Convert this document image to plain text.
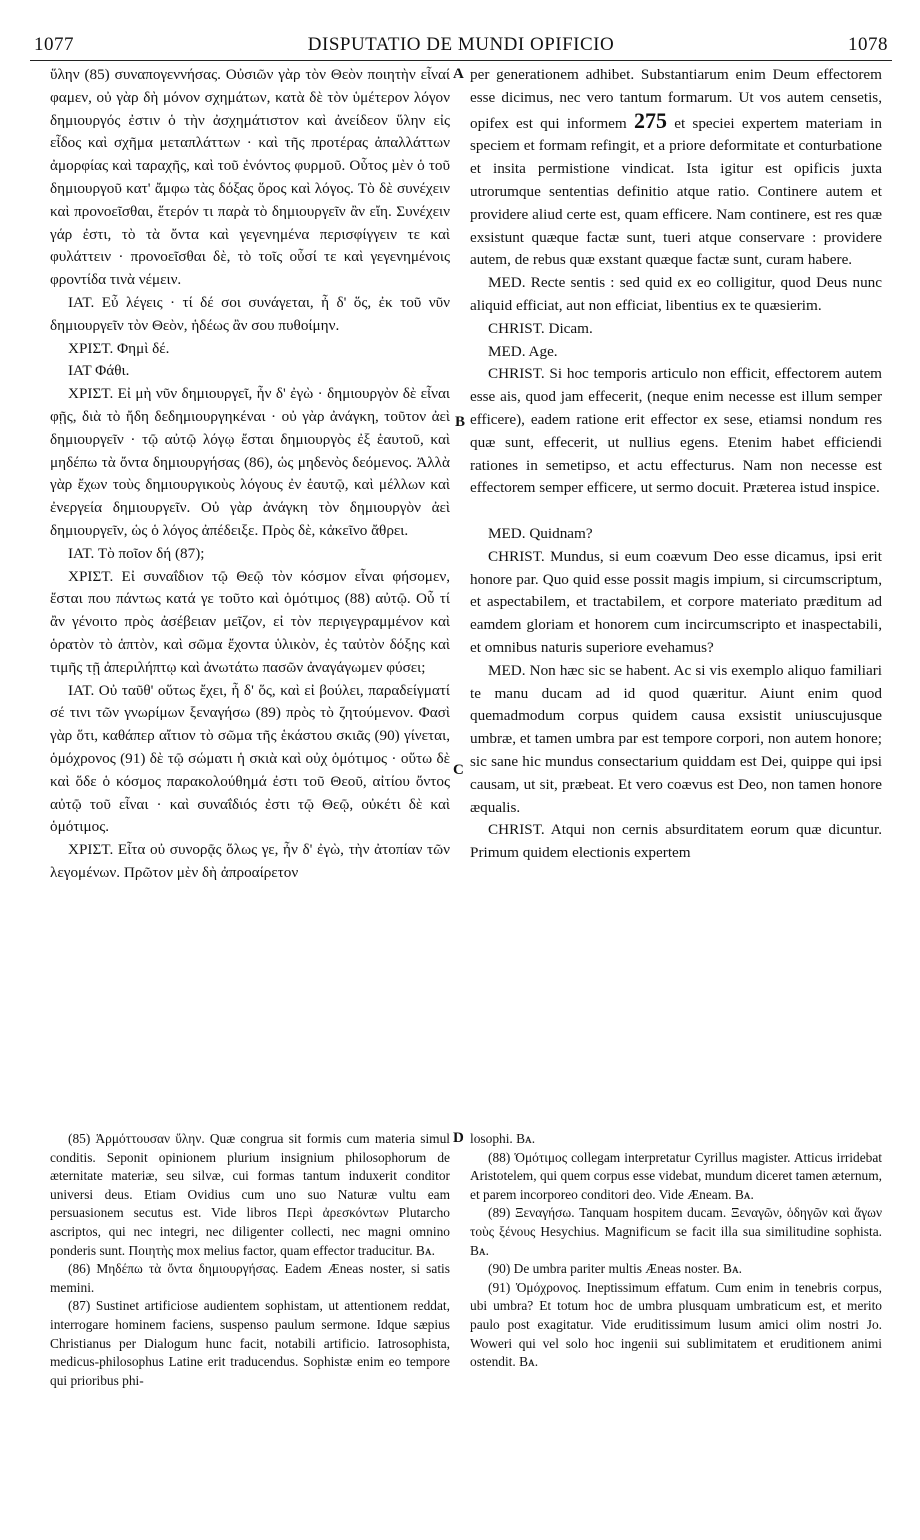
1077	DISPUTATIO DE MUNDI OPIFICIO	1078
A
B
C
D

ὕλην (85) συναπογεννήσας. Οὐσιῶν γὰρ τὸν Θεὸν ποιητὴν εἶναί φαμεν, οὐ γὰρ δὴ μόνον σχημάτων, κατὰ δὲ τὸν ὑμέτερον λόγον δημιουργός ἐστιν ὁ τὴν ἀσχημάτιστον καὶ ἀνείδεον ὕλην εἰς εἶδος καὶ σχῆμα μεταπλάττων · καὶ τῆς προτέρας ἀπαλλάττων ἀμορφίας καὶ ταραχῆς, καὶ τοῦ ἐνόντος φυρμοῦ. Οὗτος μὲν ὁ τοῦ δημιουργοῦ κατ' ἄμφω τὰς δόξας ὅρος καὶ λόγος. Τὸ δὲ συνέχειν καὶ προνοεῖσθαι, ἕτερόν τι παρὰ τὸ δημιουργεῖν ἂν εἴη. Συνέχειν γάρ ἐστι, τὸ τὰ ὄντα καὶ γεγενημένα περισφίγγειν τε καὶ φυλάττειν · προνοεῖσθαι δὲ, τὸ τοῖς οὖσί τε καὶ γεγενημένοις φροντίδα τινὰ νέμειν.

ΙΑΤ. Εὖ λέγεις · τί δέ σοι συνάγεται, ἦ δ' ὅς, ἐκ τοῦ νῦν δημιουργεῖν τὸν Θεὸν, ἡδέως ἂν σου πυθοίμην.

ΧΡΙΣΤ. Φημὶ δέ.

ΙΑΤ Φάθι.

ΧΡΙΣΤ. Εἰ μὴ νῦν δημιουργεῖ, ἦν δ' ἐγὼ · δημιουργὸν δὲ εἶναι φῇς, διὰ τὸ ἤδη δεδημιουργηκέναι · οὐ γὰρ ἀνάγκη, τοῦτον ἀεὶ δημιουργεῖν · τῷ αὐτῷ λόγῳ ἔσται δημιουργὸς ἐξ ἑαυτοῦ, καὶ μηδέπω τὰ ὄντα δημιουργήσας (86), ὡς μηδενὸς δεόμενος. Ἀλλὰ γὰρ ἔχων τοὺς δημιουργικοὺς λόγους ἐν ἑαυτῷ, καὶ μέλλων καὶ ἐνεργεία δημιουργεῖν. Οὐ γὰρ ἀνάγκη τὸν δημιουργὸν ἀεὶ δημιουργεῖν, ὡς ὁ λόγος ἀπέδειξε. Πρὸς δὲ, κἀκεῖνο ἄθρει.

ΙΑΤ. Τὸ ποῖον δή (87);

ΧΡΙΣΤ. Εἰ συναΐδιον τῷ Θεῷ τὸν κόσμον εἶναι φήσομεν, ἔσται που πάντως κατά γε τοῦτο καὶ ὁμότιμος (88) αὐτῷ. Οὗ τί ἂν γένοιτο πρὸς ἀσέβειαν μεῖζον, εἰ τὸν περιγεγραμμένον καὶ ὁρατὸν τὸ ἁπτὸν, καὶ σῶμα ἔχοντα ὑλικὸν, ἐς ταὐτὸν δόξης καὶ τιμῆς τῇ ἀπεριλήπτῳ καὶ ἀνωτάτω πασῶν ἀναγάγωμεν φύσει;

ΙΑΤ. Οὐ ταῦθ' οὕτως ἔχει, ἦ δ' ὅς, καὶ εἰ βούλει, παραδείγματί σέ τινι τῶν γνωρίμων ξεναγήσω (89) πρὸς τὸ ζητούμενον. Φασὶ γὰρ ὅτι, καθάπερ αἴτιον τὸ σῶμα τῆς ἑκάστου σκιᾶς (90) γίνεται, ὁμόχρονος (91) δὲ τῷ σώματι ἡ σκιὰ καὶ οὐχ ὁμότιμος · οὕτω δὲ καὶ ὅδε ὁ κόσμος παρακολούθημά ἐστι τοῦ Θεοῦ, αἰτίου ὄντος αὐτῷ τοῦ εἶναι · καὶ συναΐδιός ἐστι τῷ Θεῷ, οὐκέτι δὲ καὶ ὁμότιμος.

ΧΡΙΣΤ. Εἶτα οὐ συνορᾷς ὅλως γε, ἦν δ' ἐγὼ, τὴν ἀτοπίαν τῶν λεγομένων. Πρῶτον μὲν δὴ ἀπροαίρετον

per generationem adhibet. Substantiarum enim Deum effectorem esse dicimus, nec vero tantum formarum. Ut vos autem censetis, opifex est qui informem 275 et speciei expertem materiam in speciem et formam refingit, et a priore deformitate et conturbatione et insita permistione vindicat. Ista igitur est opificis juxta utrorumque sententias definitio atque ratio. Continere autem et providere aliud certe est, quam efficere. Nam continere, est res quæ exsistunt quæque factæ sunt, tueri atque conservare : providere autem, de rebus quæ exstant quæque factæ sunt, curam habere.

MED. Recte sentis : sed quid ex eo colligitur, quod Deus nunc aliquid efficiat, aut non efficiat, libentius ex te quæsierim.

CHRIST. Dicam.

MED. Age.

CHRIST. Si hoc temporis articulo non efficit, effectorem autem esse ais, quod jam effecerit, (neque enim necesse est illum semper efficere), eadem ratione erit effector ex sese, etiamsi nondum res quæ sunt, effecerit, ut nullius egens. Etenim habet efficiendi rationes in semetipso, et actu effecturus. Nam non necesse est effectorem semper efficere, ut sermo docuit. Præterea istud inspice.

MED. Quidnam?

CHRIST. Mundus, si eum coævum Deo esse dicamus, ipsi erit honore par. Quo quid esse possit magis impium, si circumscriptum, et aspectabilem, et tractabilem, et corpore materiato præditum ad eamdem gloriam et honorem cum incircumscripto et inaspectabili, et omnibus naturis superiore evehamus?

MED. Non hæc sic se habent. Ac si vis exemplo aliquo familiari te manu ducam ad id quod quæritur. Aiunt enim quod quemadmodum corpus quidem causa exsistit uniuscujusque umbræ, et tamen umbra par est tempore corpori, non autem honore; sic sane hic mundus consectarium quiddam est Dei, quippe qui ipsi causam, ut sit, præbeat. Et vero coævus est Deo, non tamen honore æqualis.

CHRIST. Atqui non cernis absurditatem eorum quæ dicuntur. Primum quidem electionis expertem

(85) Ἁρμόττουσαν ὕλην. Quæ congrua sit formis cum materia simul conditis. Seponit opinionem plurium insignium philosophorum de æternitate materiæ, seu silvæ, cui formas tantum induxerit conditor universi deus. Etiam Ovidius cum uno suo Naturæ vultu eam persuasionem secutus est. Vide libros Περὶ ἀρεσκόντων Plutarcho ascriptos, qui nec integri, nec diligenter collecti, nec magni omnino ponderis sunt. Ποιητὴς mox melius factor, quam effector traducitur. Bᴀ.

(86) Μηδέπω τὰ ὄντα δημιουργήσας. Eadem Æneas noster, si satis memini.

(87) Sustinet artificiose audientem sophistam, ut attentionem reddat, interrogare hominem faciens, suspenso paulum sermone. Idque sæpius Christianus per Dialogum hunc facit, notabili artificio. Iatrosophista, medicus-philosophus Latine erit traducendus. Sophistæ enim eo tempore qui prioribus phi-

losophi. Bᴀ.

(88) Ὁμότιμος collegam interpretatur Cyrillus magister. Atticus irridebat Aristotelem, qui quem corpus esse videbat, mundum diceret tamen æternum, et parem incorporeo conditori deo. Vide Æneam. Bᴀ.

(89) Ξεναγήσω. Tanquam hospitem ducam. Ξεναγῶν, ὁδηγῶν καὶ ἄγων τοὺς ξένους Hesychius. Magnificum se facit illa sua similitudine sophista. Bᴀ.

(90) De umbra pariter multis Æneas noster. Bᴀ.

(91) Ὁμόχρονος. Ineptissimum effatum. Cum enim in tenebris corpus, ubi umbra? Et totum hoc de umbra plusquam umbraticum est, et merito paulo post exagitatur. Vide eruditissimum lusum amici olim nostri Jo. Woweri qui vel solo hoc ingenii sui sublimitatem et eruditionem animi ostendit. Bᴀ.
